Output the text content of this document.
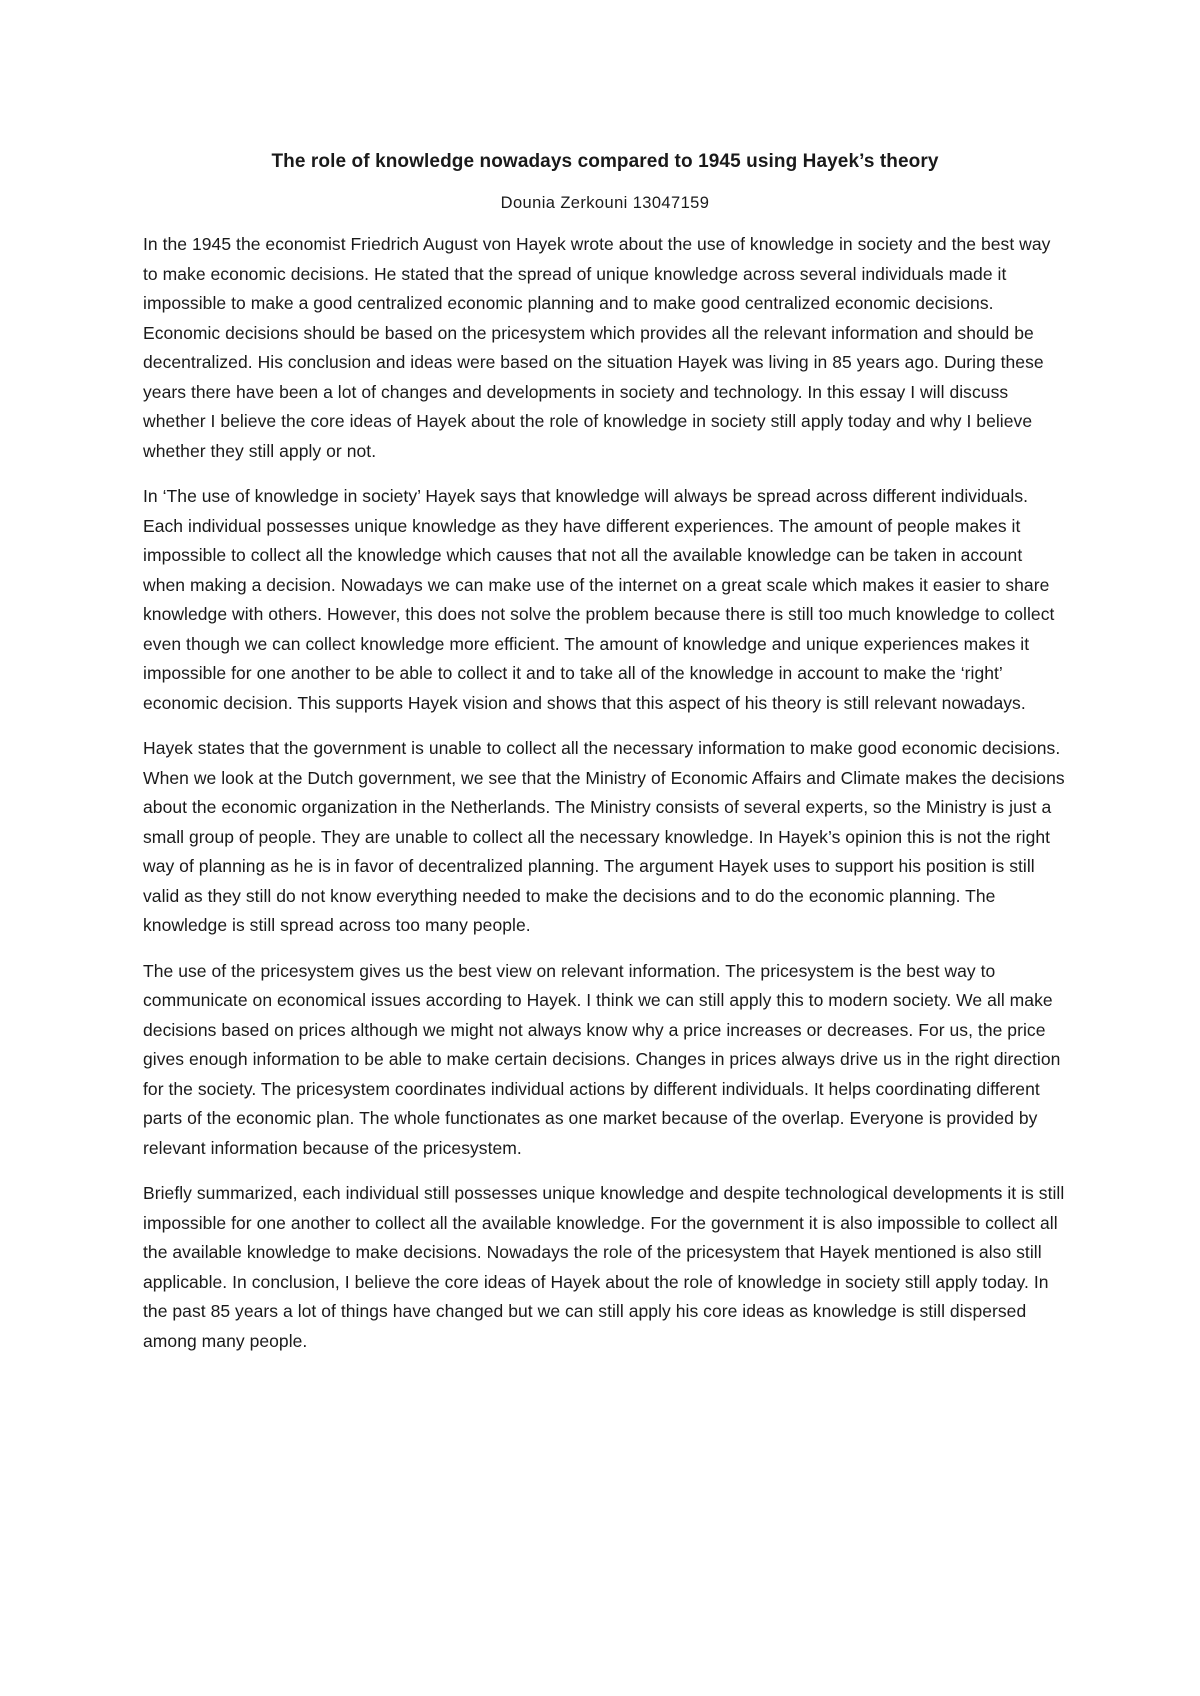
The role of knowledge nowadays compared to 1945 using Hayek’s theory

Dounia Zerkouni 13047159

In the 1945 the economist Friedrich August von Hayek wrote about the use of knowledge in society and the best way to make economic decisions. He stated that the spread of unique knowledge across several individuals made it impossible to make a good centralized economic planning and to make good centralized economic decisions. Economic decisions should be based on the pricesystem which provides all the relevant information and should be decentralized. His conclusion and ideas were based on the situation Hayek was living in 85 years ago. During these years there have been a lot of changes and developments in society and technology. In this essay I will discuss whether I believe the core ideas of Hayek about the role of knowledge in society still apply today and why I believe whether they still apply or not.

In ‘The use of knowledge in society’ Hayek says that knowledge will always be spread across different individuals. Each individual possesses unique knowledge as they have different experiences. The amount of people makes it impossible to collect all the knowledge which causes that not all the available knowledge can be taken in account when making a decision. Nowadays we can make use of the internet on a great scale which makes it easier to share knowledge with others. However, this does not solve the problem because there is still too much knowledge to collect even though we can collect knowledge more efficient. The amount of knowledge and unique experiences makes it impossible for one another to be able to collect it and to take all of the knowledge in account to make the ‘right’ economic decision. This supports Hayek vision and shows that this aspect of his theory is still relevant nowadays.

Hayek states that the government is unable to collect all the necessary information to make good economic decisions. When we look at the Dutch government, we see that the Ministry of Economic Affairs and Climate makes the decisions about the economic organization in the Netherlands. The Ministry consists of several experts, so the Ministry is just a small group of people. They are unable to collect all the necessary knowledge. In Hayek’s opinion this is not the right way of planning as he is in favor of decentralized planning. The argument Hayek uses to support his position is still valid as they still do not know everything needed to make the decisions and to do the economic planning. The knowledge is still spread across too many people.

The use of the pricesystem gives us the best view on relevant information. The pricesystem is the best way to communicate on economical issues according to Hayek. I think we can still apply this to modern society. We all make decisions based on prices although we might not always know why a price increases or decreases. For us, the price gives enough information to be able to make certain decisions. Changes in prices always drive us in the right direction for the society. The pricesystem coordinates individual actions by different individuals. It helps coordinating different parts of the economic plan. The whole functionates as one market because of the overlap. Everyone is provided by relevant information because of the pricesystem.

Briefly summarized, each individual still possesses unique knowledge and despite technological developments it is still impossible for one another to collect all the available knowledge. For the government it is also impossible to collect all the available knowledge to make decisions. Nowadays the role of the pricesystem that Hayek mentioned is also still applicable. In conclusion, I believe the core ideas of Hayek about the role of knowledge in society still apply today. In the past 85 years a lot of things have changed but we can still apply his core ideas as knowledge is still dispersed among many people.
